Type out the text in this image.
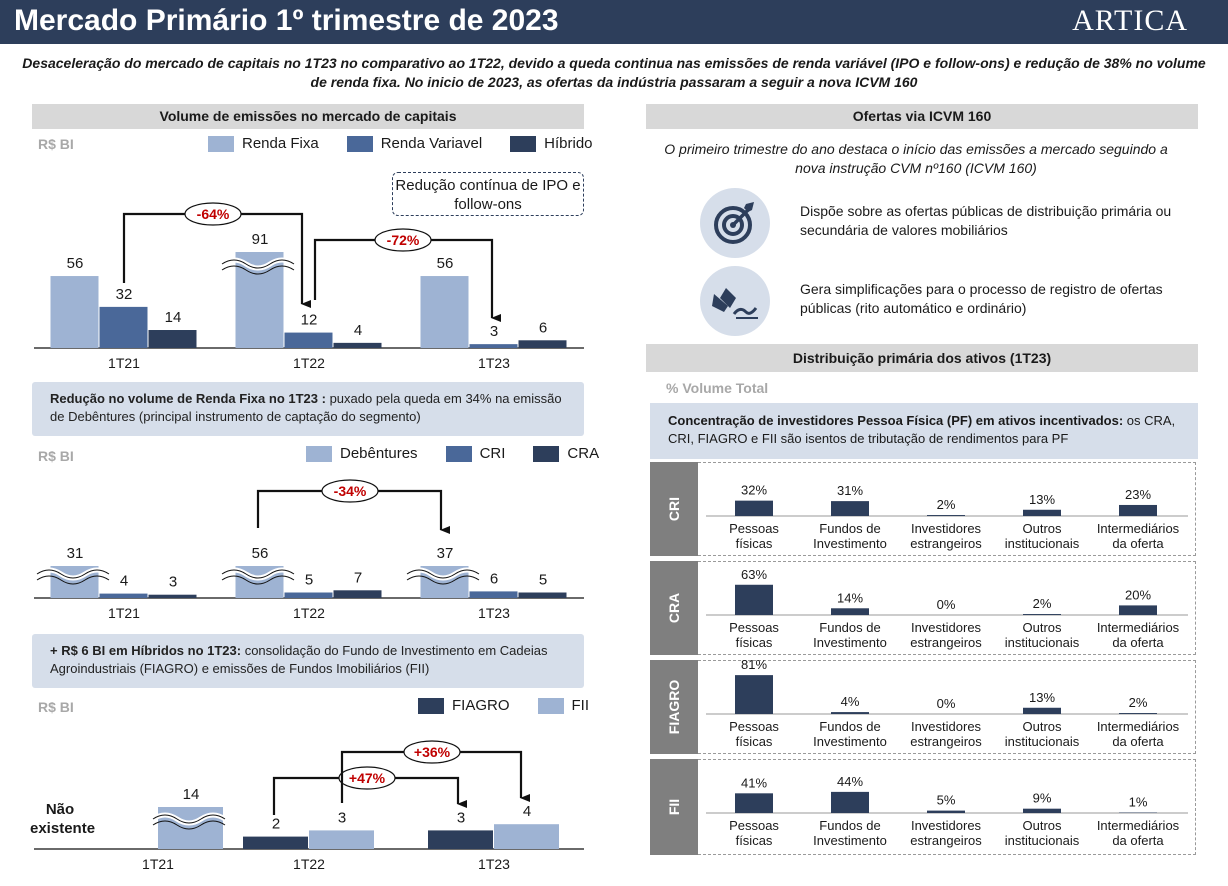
Mercado Primário 1º trimestre de 2023	ARTICA
Desaceleração do mercado de capitais no 1T23 no comparativo ao 1T22, devido a queda continua nas emissões de renda variável (IPO e follow-ons) e redução de 38% no volume de renda fixa. No inicio de 2023, as ofertas da indústria passaram a seguir a nova ICVM 160
Volume de emissões no mercado de capitais
R$ BI	Renda Fixa	Renda Variavel	Híbrido
Redução contínua de IPO e follow-ons
Redução no volume de Renda Fixa no 1T23 : puxado pela queda em 34% na emissão de Debêntures (principal instrumento de captação do segmento)
R$ BI	Debêntures	CRI	CRA
+ R$ 6 BI em Híbridos no 1T23: consolidação do Fundo de Investimento em Cadeias Agroindustriais (FIAGRO) e emissões de Fundos Imobiliários (FII)
R$ BI	FIAGRO	FII
Não existente
Ofertas via ICVM 160
O primeiro trimestre do ano destaca o início das emissões a mercado seguindo a nova instrução CVM nº160 (ICVM 160)
Dispõe sobre as ofertas públicas de distribuição primária ou secundária de valores mobiliários
Gera simplificações para o processo de registro de ofertas públicas (rito automático e ordinário)
Distribuição primária dos ativos (1T23)
% Volume Total
Concentração de investidores Pessoa Física (PF) em ativos incentivados: os CRA, CRI, FIAGRO e FII são isentos de tributação de rendimentos para PF
CRI
CRA
FIAGRO
FII
56
32
14
1T21
91
12
4
1T22
56
3	6
1T23
-64%
-72%
31
4	3
1T21
56
5	7
1T22
37
6	5
1T23
-34%
14
1T21
2	3
1T22
3	4
1T23
+47%
+36%
32%
Pessoas
físicas
31%
Fundos de
Investimento
2%
Investidores
estrangeiros
13%
Outros
institucionais
23%
Intermediários
da oferta
63%
Pessoas
físicas
14%
Fundos de
Investimento
0%
Investidores
estrangeiros
2%
Outros
institucionais
20%
Intermediários
da oferta
81%
Pessoas
físicas
4%
Fundos de
Investimento
0%
Investidores
estrangeiros
13%
Outros
institucionais
2%
Intermediários
da oferta
41%
Pessoas
físicas
44%
Fundos de
Investimento
5%
Investidores
estrangeiros
9%
Outros
institucionais
1%
Intermediários
da oferta
